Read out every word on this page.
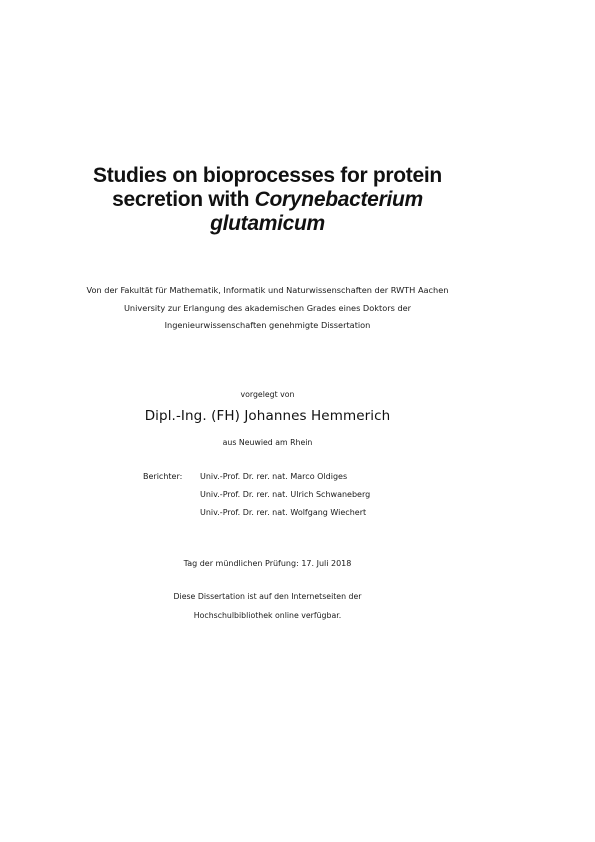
Studies on bioprocesses for protein
secretion with Corynebacterium
glutamicum
Von der Fakultät für Mathematik, Informatik und Naturwissenschaften der RWTH Aachen
University zur Erlangung des akademischen Grades eines Doktors der
Ingenieurwissenschaften genehmigte Dissertation
vorgelegt von
Dipl.-Ing. (FH) Johannes Hemmerich
aus Neuwied am Rhein
Berichter: Univ.-Prof. Dr. rer. nat. Marco Oldiges
Univ.-Prof. Dr. rer. nat. Ulrich Schwaneberg
Univ.-Prof. Dr. rer. nat. Wolfgang Wiechert
Tag der mündlichen Prüfung: 17. Juli 2018
Diese Dissertation ist auf den Internetseiten der
Hochschulbibliothek online verfügbar.
